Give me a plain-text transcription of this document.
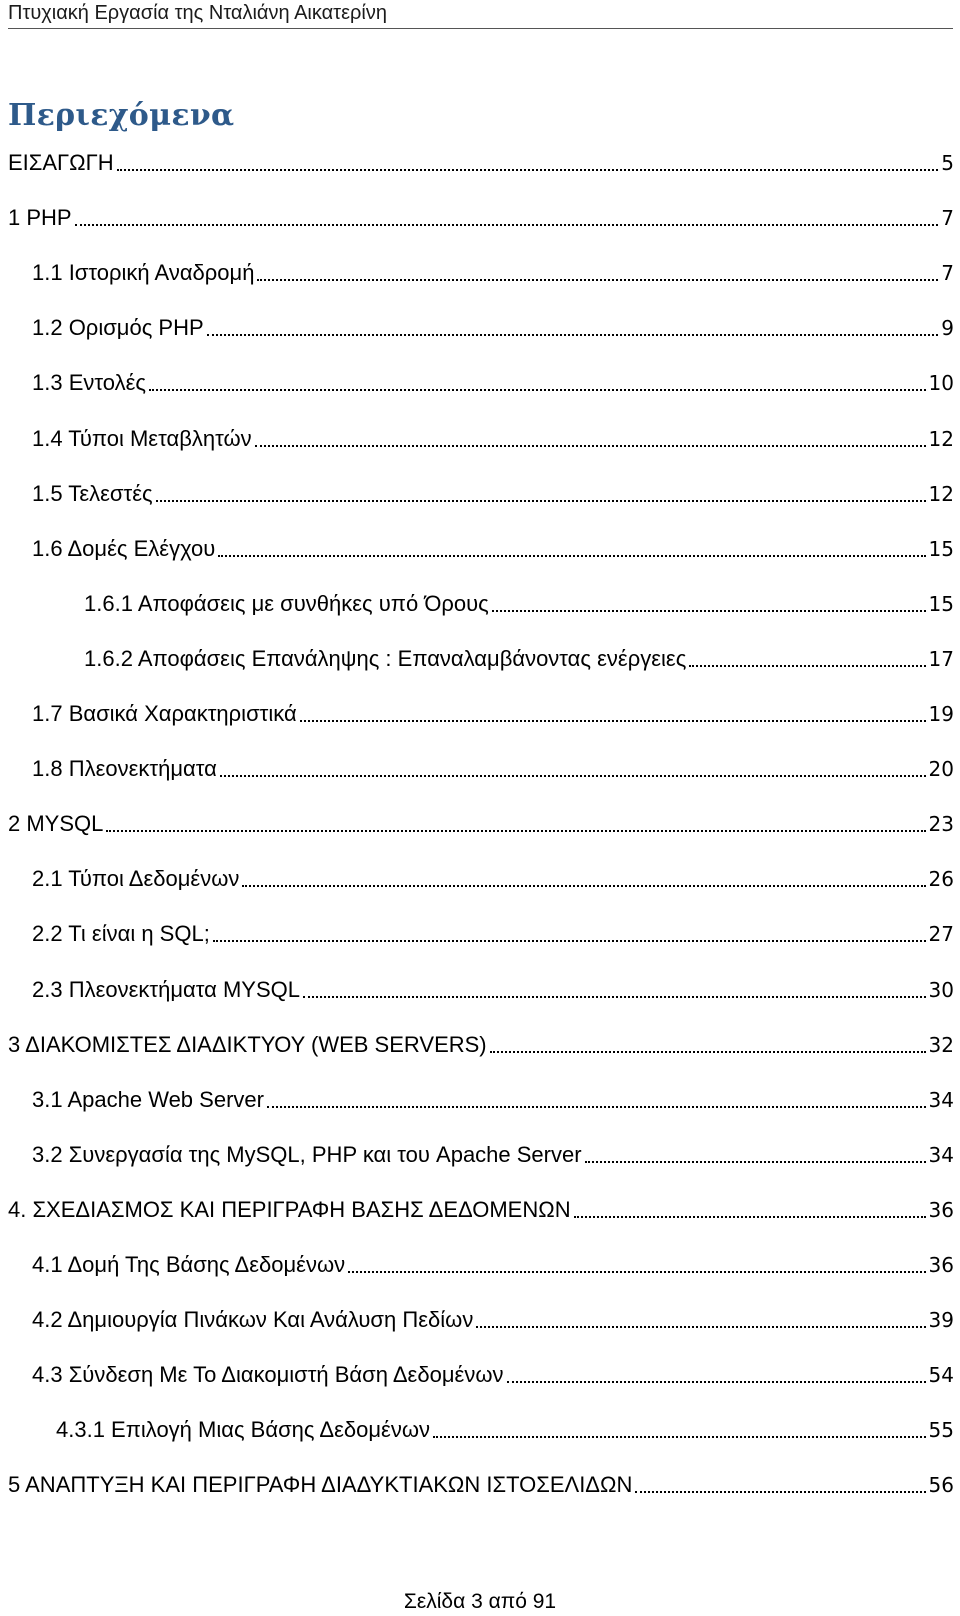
Πτυχιακή Εργασία της Νταλιάνη Αικατερίνη
Περιεχόμενα
ΕΙΣΑΓΩΓΗ	5
1 PHP	7
1.1 Ιστορική Αναδρομή	7
1.2 Ορισμός PHP	9
1.3 Εντολές	10
1.4 Τύποι Μεταβλητών	12
1.5 Τελεστές	12
1.6 Δομές Ελέγχου	15
1.6.1 Αποφάσεις με συνθήκες υπό Όρους	15
1.6.2 Αποφάσεις Επανάληψης : Επαναλαμβάνοντας ενέργειες	17
1.7 Βασικά Χαρακτηριστικά	19
1.8 Πλεονεκτήματα	20
2 MYSQL	23
2.1 Τύποι Δεδομένων	26
2.2 Τι είναι η SQL;	27
2.3 Πλεονεκτήματα MYSQL	30
3 ΔΙΑΚΟΜΙΣΤΕΣ ΔΙΑΔΙΚΤΥΟΥ (WEB SERVERS)	32
3.1 Apache Web Server	34
3.2 Συνεργασία της MySQL, PHP και του Apache Server	34
4. ΣΧΕΔΙΑΣΜΟΣ ΚΑΙ ΠΕΡΙΓΡΑΦΗ ΒΑΣΗΣ ΔΕΔΟΜΕΝΩΝ	36
4.1 Δομή Της Βάσης Δεδομένων	36
4.2 Δημιουργία Πινάκων Και Ανάλυση Πεδίων	39
4.3 Σύνδεση Με Το Διακομιστή Βάση Δεδομένων	54
4.3.1 Επιλογή Μιας Βάσης Δεδομένων	55
5 ΑΝΑΠΤΥΞΗ ΚΑΙ ΠΕΡΙΓΡΑΦΗ ΔΙΑΔΥΚΤΙΑΚΩΝ ΙΣΤΟΣΕΛΙΔΩΝ	56
Σελίδα 3 από 91
